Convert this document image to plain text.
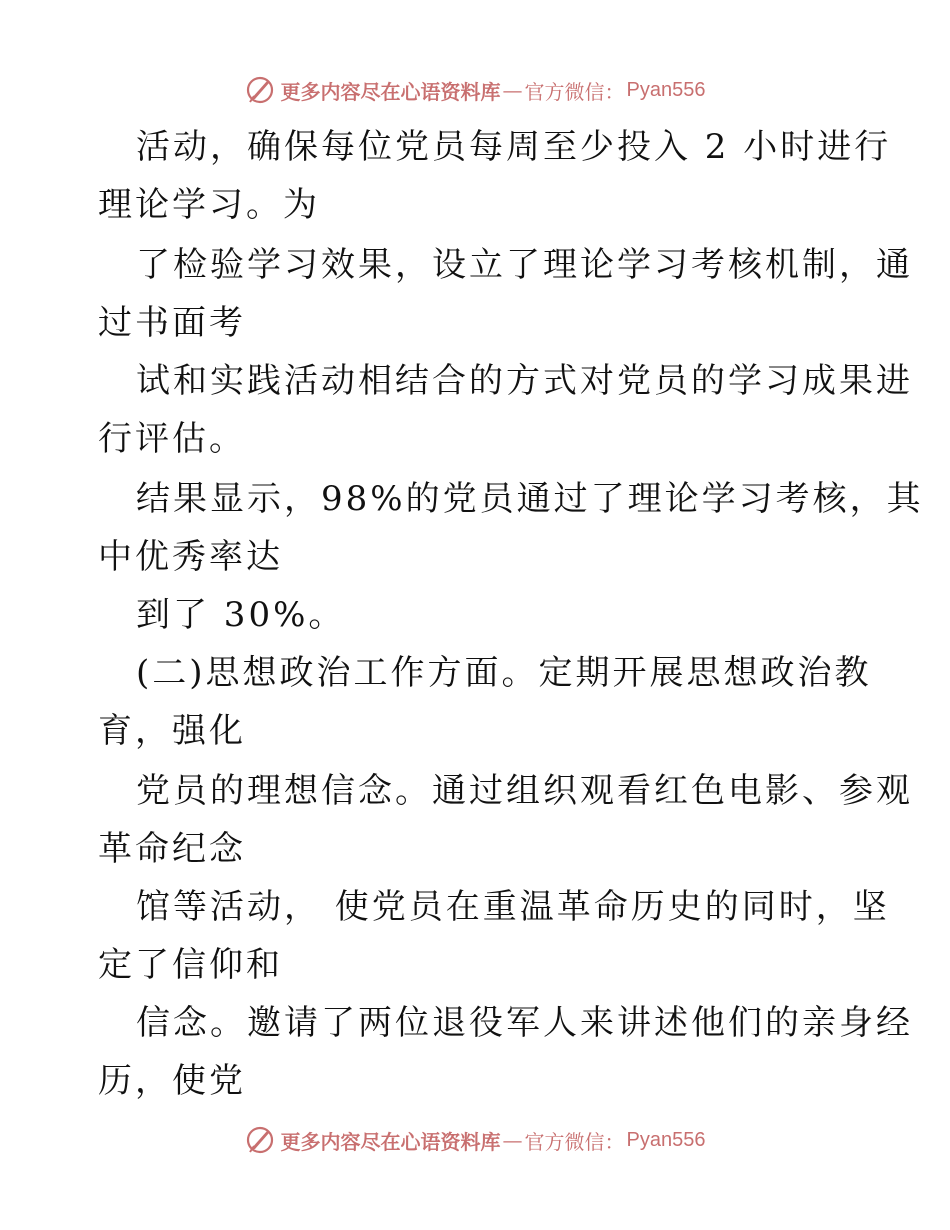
更多内容尽在心语资料库 — 官方微信： Pyan556
活动，确保每位党员每周至少投入 2 小时进行
理论学习。为
了检验学习效果，设立了理论学习考核机制，通
过书面考
试和实践活动相结合的方式对党员的学习成果进
行评估。
结果显示，98%的党员通过了理论学习考核，其
中优秀率达
到了 30%。
(二)思想政治工作方面。定期开展思想政治教
育，强化
党员的理想信念。通过组织观看红色电影、参观
革命纪念
馆等活动， 使党员在重温革命历史的同时，坚
定了信仰和
信念。邀请了两位退役军人来讲述他们的亲身经
历，使党
更多内容尽在心语资料库 — 官方微信： Pyan556
